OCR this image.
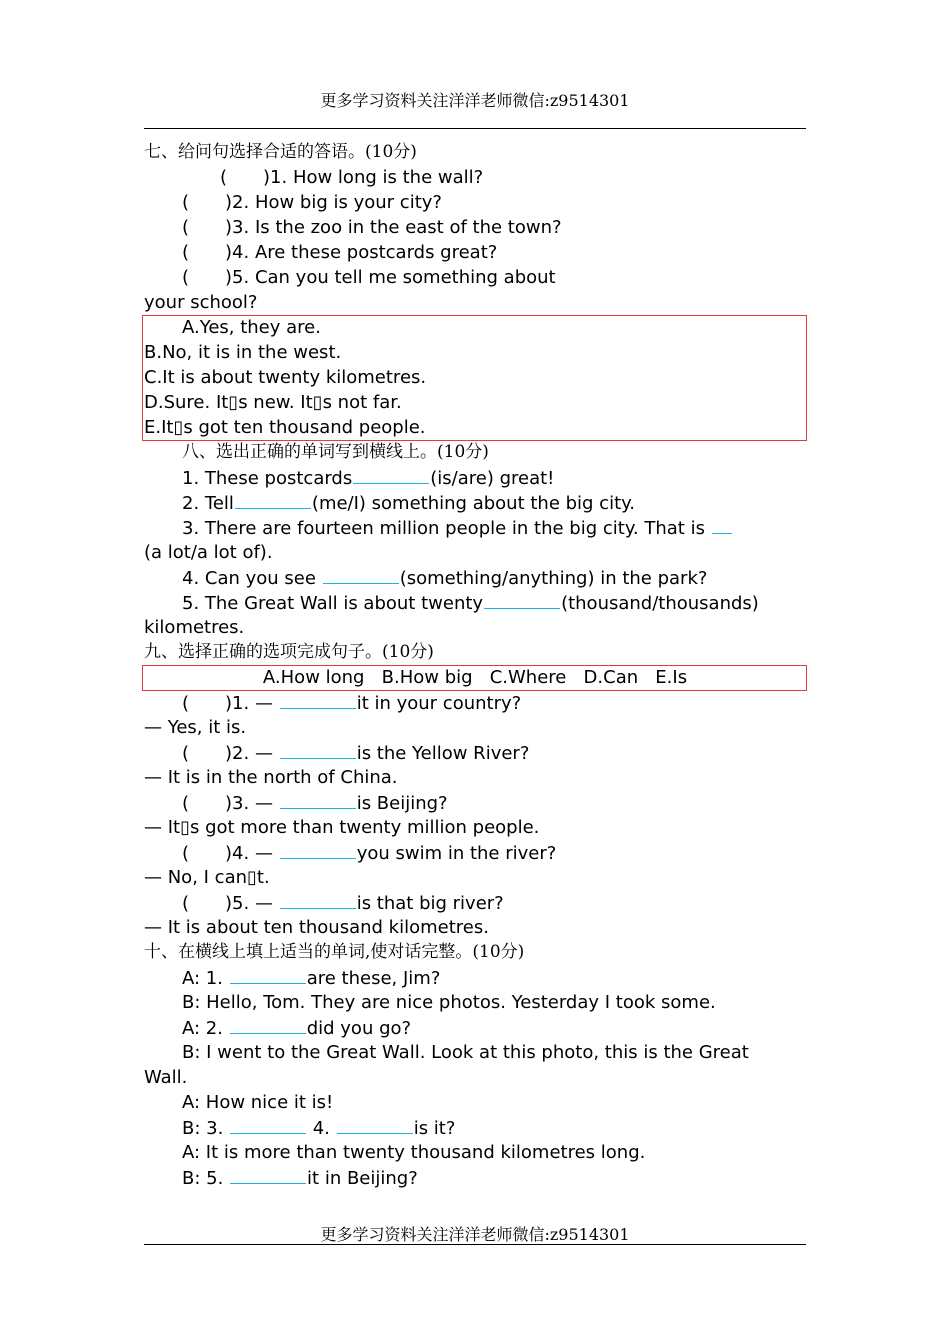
更多学习资料关注洋洋老师微信:z9514301
七、给问句选择合适的答语。(10分)
(　　)1. How long is the wall?
(　　)2. How big is your city?
(　　)3. Is the zoo in the east of the town?
(　　)4. Are these postcards great?
(　　)5. Can you tell me something about
your school?
A.Yes, they are.
B.No, it is in the west.
C.It is about twenty kilometres.
D.Sure. It▯s new. It▯s not far.
E.It▯s got ten thousand people.
八、选出正确的单词写到横线上。(10分)
1. These postcards	(is/are) great!
2. Tell	(me/I) something about the big city.
3. There are fourteen million people in the big city. That is
(a lot/a lot of).
4. Can you see	(something/anything) in the park?
5. The Great Wall is about twenty	(thousand/thousands)
kilometres.
九、选择正确的选项完成句子。(10分)
A.How long   B.How big   C.Where   D.Can   E.Is
(　　)1. —	it in your country?
— Yes, it is.
(　　)2. —	is the Yellow River?
— It is in the north of China.
(　　)3. —	is Beijing?
— It▯s got more than twenty million people.
(　　)4. —	you swim in the river?
— No, I can▯t.
(　　)5. —	is that big river?
— It is about ten thousand kilometres.
十、在横线上填上适当的单词,使对话完整。(10分)
A: 1.	are these, Jim?
B: Hello, Tom. They are nice photos. Yesterday I took some.
A: 2.	did you go?
B: I went to the Great Wall. Look at this photo, this is the Great
Wall.
A: How nice it is!
B: 3.	4.	is it?
A: It is more than twenty thousand kilometres long.
B: 5.	it in Beijing?
更多学习资料关注洋洋老师微信:z9514301
